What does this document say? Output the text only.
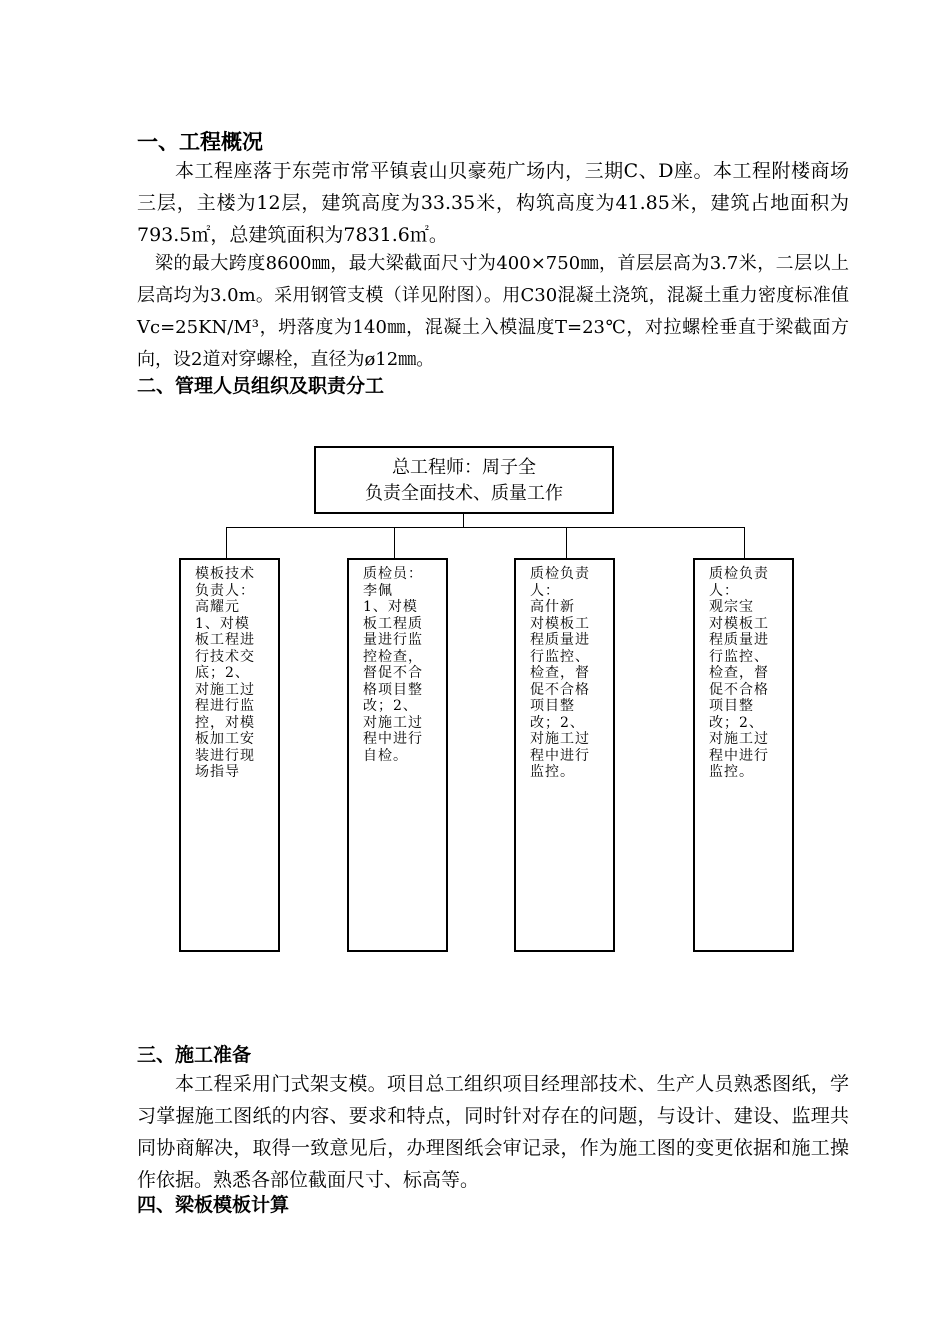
一、工程概况

本工程座落于东莞市常平镇袁山贝豪苑广场内，三期C、D座。本工程附楼商场三层，主楼为12层，建筑高度为33.35米，构筑高度为41.85米，建筑占地面积为793.5㎡，总建筑面积为7831.6㎡。

梁的最大跨度8600㎜，最大梁截面尺寸为400×750㎜，首层层高为3.7米，二层以上层高均为3.0m。采用钢管支模（详见附图）。用C30混凝土浇筑，混凝土重力密度标准值Vc=25KN/M³，坍落度为140㎜，混凝土入模温度T=23℃，对拉螺栓垂直于梁截面方向，设2道对穿螺栓，直径为ø12㎜。

二、管理人员组织及职责分工
总工程师：周子全
负责全面技术、质量工作
模板技术负责人：
高耀元
1、对模板工程进行技术交底；2、对施工过程进行监控，对模板加工安装进行现场指导
质检员：
李佩
1、对模板工程质量进行监控检查，督促不合格项目整改；2、对施工过程中进行自检。
质检负责人：
高什新
对模板工程质量进行监控、检查，督促不合格项目整改；2、对施工过程中进行监控。
质检负责人：
观宗宝
对模板工程质量进行监控、检查，督促不合格项目整改；2、对施工过程中进行监控。
三、施工准备

本工程采用门式架支模。项目总工组织项目经理部技术、生产人员熟悉图纸，学习掌握施工图纸的内容、要求和特点，同时针对存在的问题，与设计、建设、监理共同协商解决，取得一致意见后，办理图纸会审记录，作为施工图的变更依据和施工操作依据。熟悉各部位截面尺寸、标高等。

四、梁板模板计算
